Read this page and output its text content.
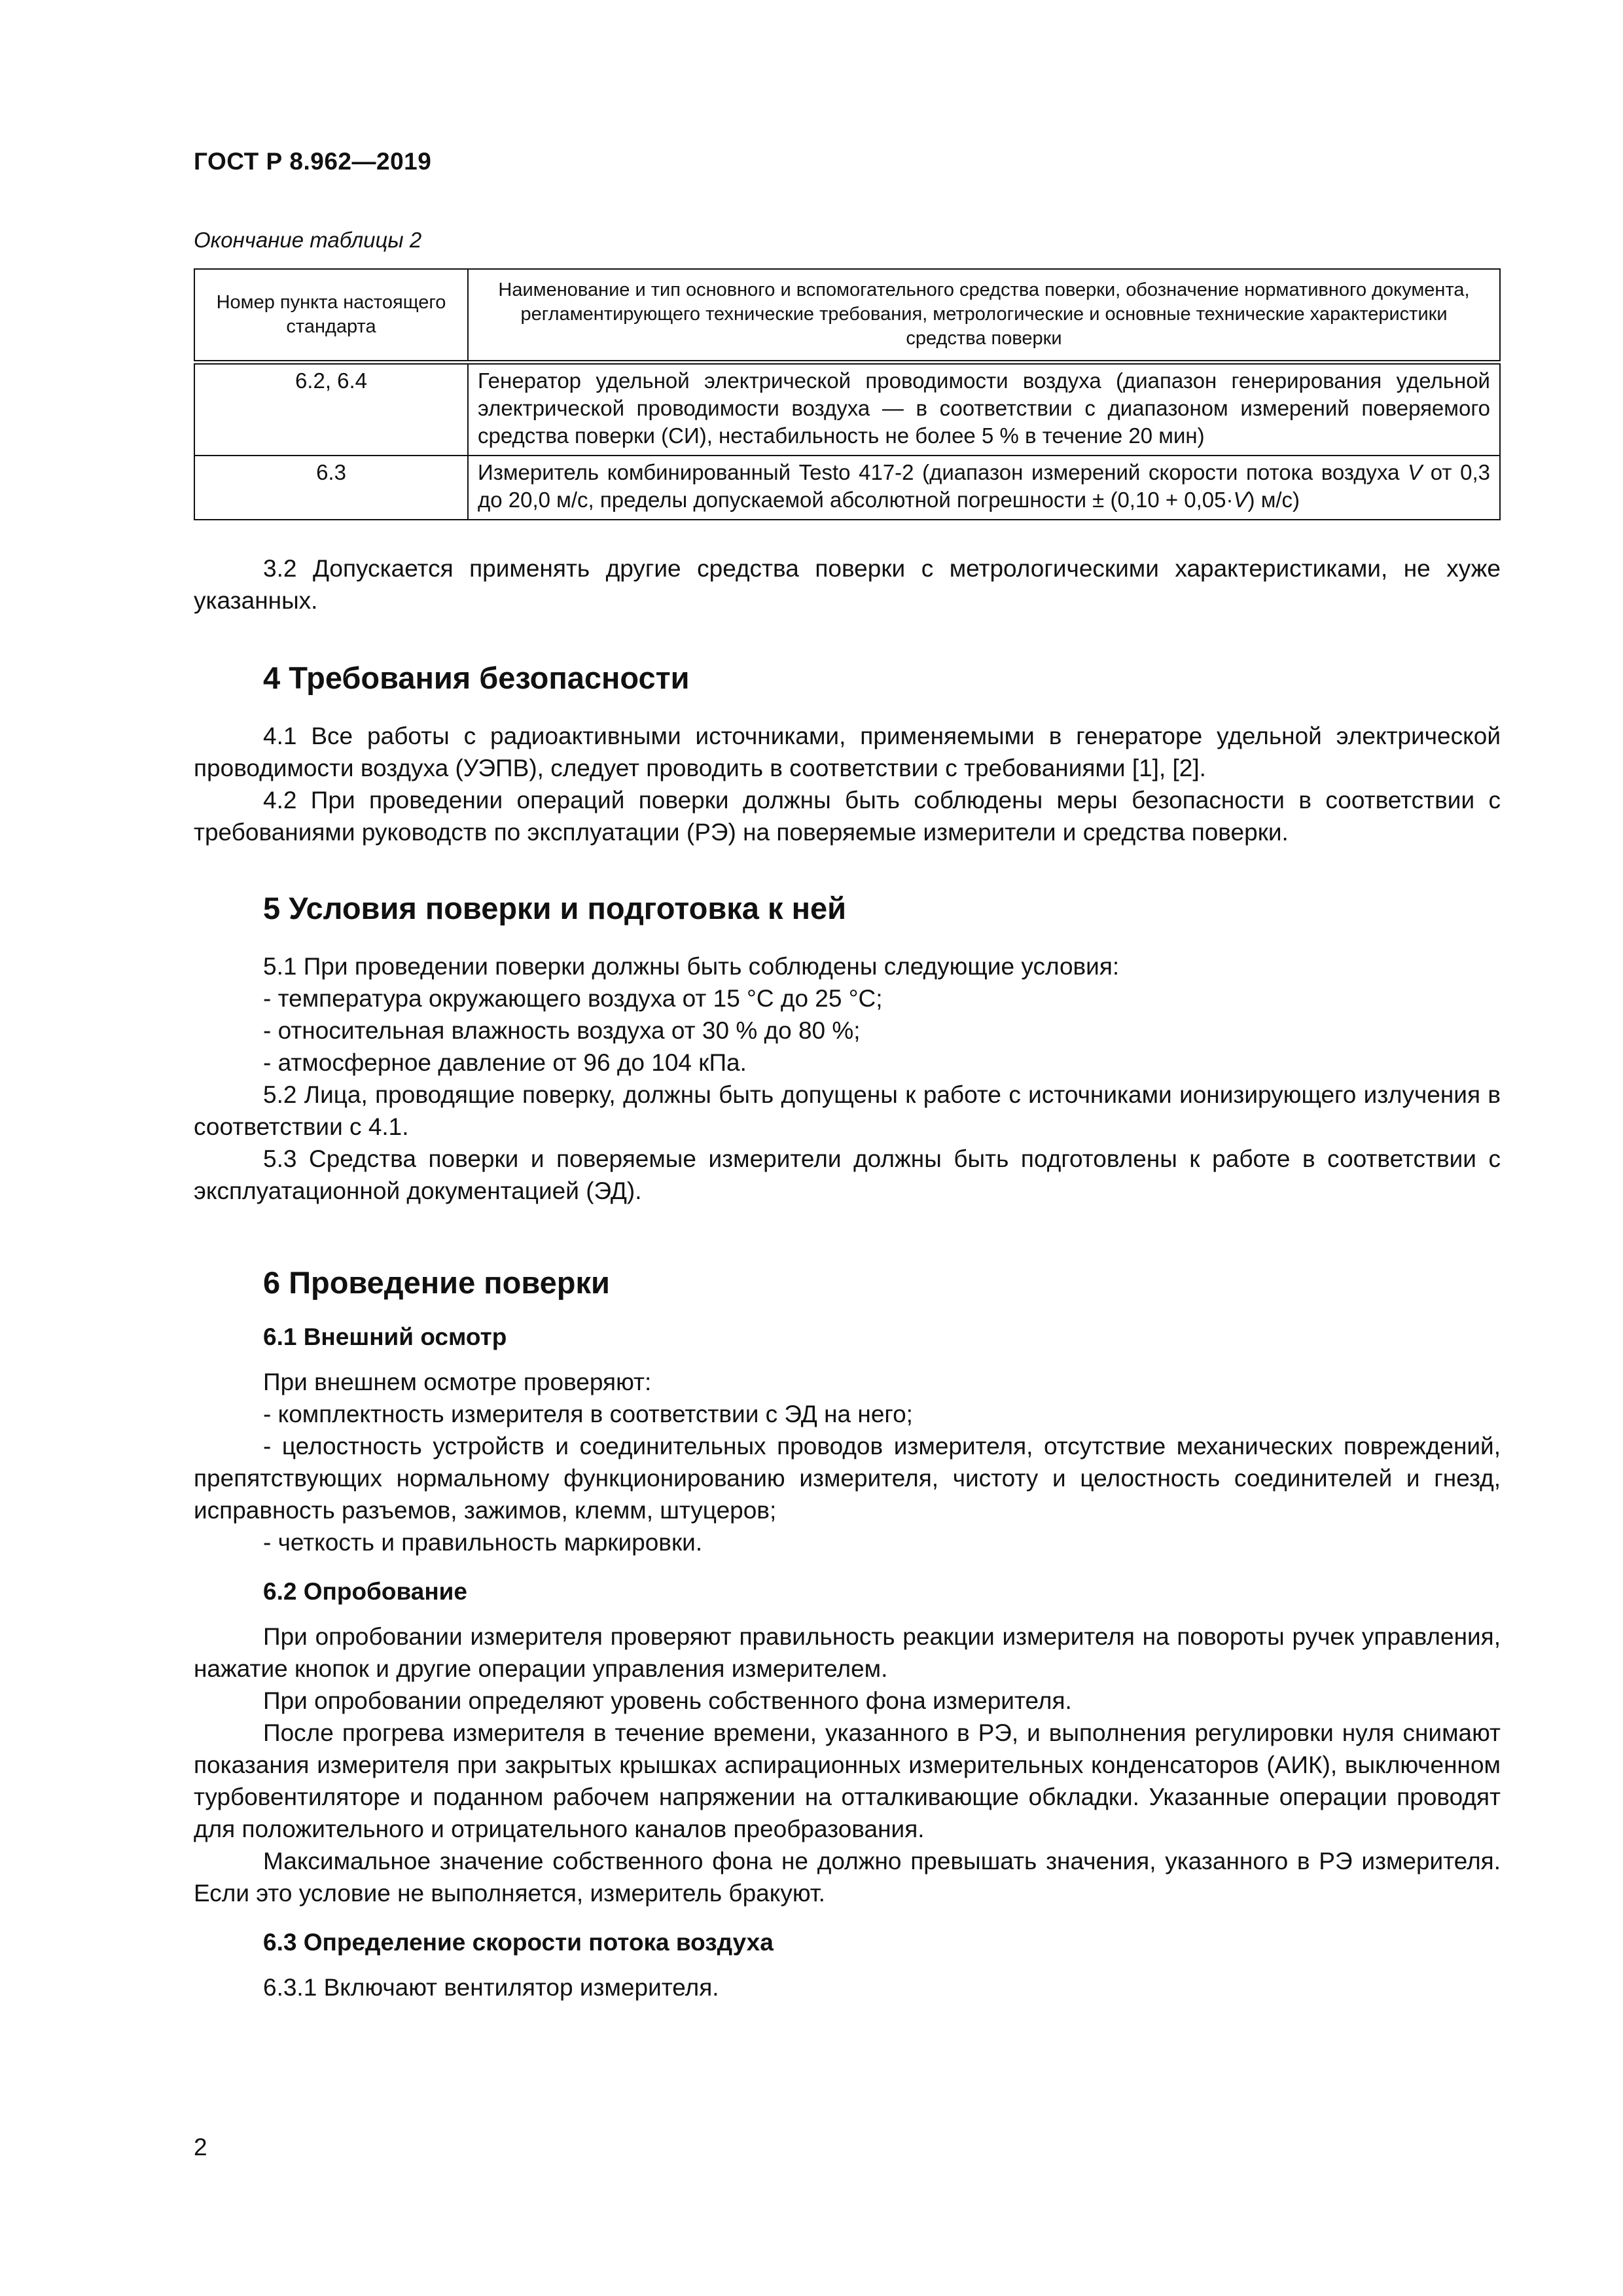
ГОСТ Р 8.962—2019
Окончание таблицы 2
Номер пункта настоящего стандарта	Наименование и тип основного и вспомогательного средства поверки, обозначение нормативного документа, регламентирующего технические требования, метрологические и основные технические характеристики средства поверки
6.2, 6.4	Генератор удельной электрической проводимости воздуха (диапазон генерирования удельной электрической проводимости воздуха — в соответствии с диапазоном измерений поверяемого средства поверки (СИ), нестабильность не более 5 % в течение 20 мин)
6.3	Измеритель комбинированный Testo 417-2 (диапазон измерений скорости потока воздуха V от 0,3 до 20,0 м/с, пределы допускаемой абсолютной погрешности ± (0,10 + 0,05·V) м/с)

3.2 Допускается применять другие средства поверки с метрологическими характеристиками, не хуже указанных.

4 Требования безопасности

4.1 Все работы с радиоактивными источниками, применяемыми в генераторе удельной электрической проводимости воздуха (УЭПВ), следует проводить в соответствии с требованиями [1], [2].

4.2 При проведении операций поверки должны быть соблюдены меры безопасности в соответствии с требованиями руководств по эксплуатации (РЭ) на поверяемые измерители и средства поверки.

5 Условия поверки и подготовка к ней

5.1 При проведении поверки должны быть соблюдены следующие условия:

- температура окружающего воздуха от 15 °С до 25 °С;

- относительная влажность воздуха от 30 % до 80 %;

- атмосферное давление от 96 до 104 кПа.

5.2 Лица, проводящие поверку, должны быть допущены к работе с источниками ионизирующего излучения в соответствии с 4.1.

5.3 Средства поверки и поверяемые измерители должны быть подготовлены к работе в соответствии с эксплуатационной документацией (ЭД).

6 Проведение поверки
6.1 Внешний осмотр

При внешнем осмотре проверяют:

- комплектность измерителя в соответствии с ЭД на него;

- целостность устройств и соединительных проводов измерителя, отсутствие механических повреждений, препятствующих нормальному функционированию измерителя, чистоту и целостность соединителей и гнезд, исправность разъемов, зажимов, клемм, штуцеров;

- четкость и правильность маркировки.

6.2 Опробование

При опробовании измерителя проверяют правильность реакции измерителя на повороты ручек управления, нажатие кнопок и другие операции управления измерителем.

При опробовании определяют уровень собственного фона измерителя.

После прогрева измерителя в течение времени, указанного в РЭ, и выполнения регулировки нуля снимают показания измерителя при закрытых крышках аспирационных измерительных конденсаторов (АИК), выключенном турбовентиляторе и поданном рабочем напряжении на отталкивающие обкладки. Указанные операции проводят для положительного и отрицательного каналов преобразования.

Максимальное значение собственного фона не должно превышать значения, указанного в РЭ измерителя. Если это условие не выполняется, измеритель бракуют.

6.3 Определение скорости потока воздуха

6.3.1 Включают вентилятор измерителя.

2
